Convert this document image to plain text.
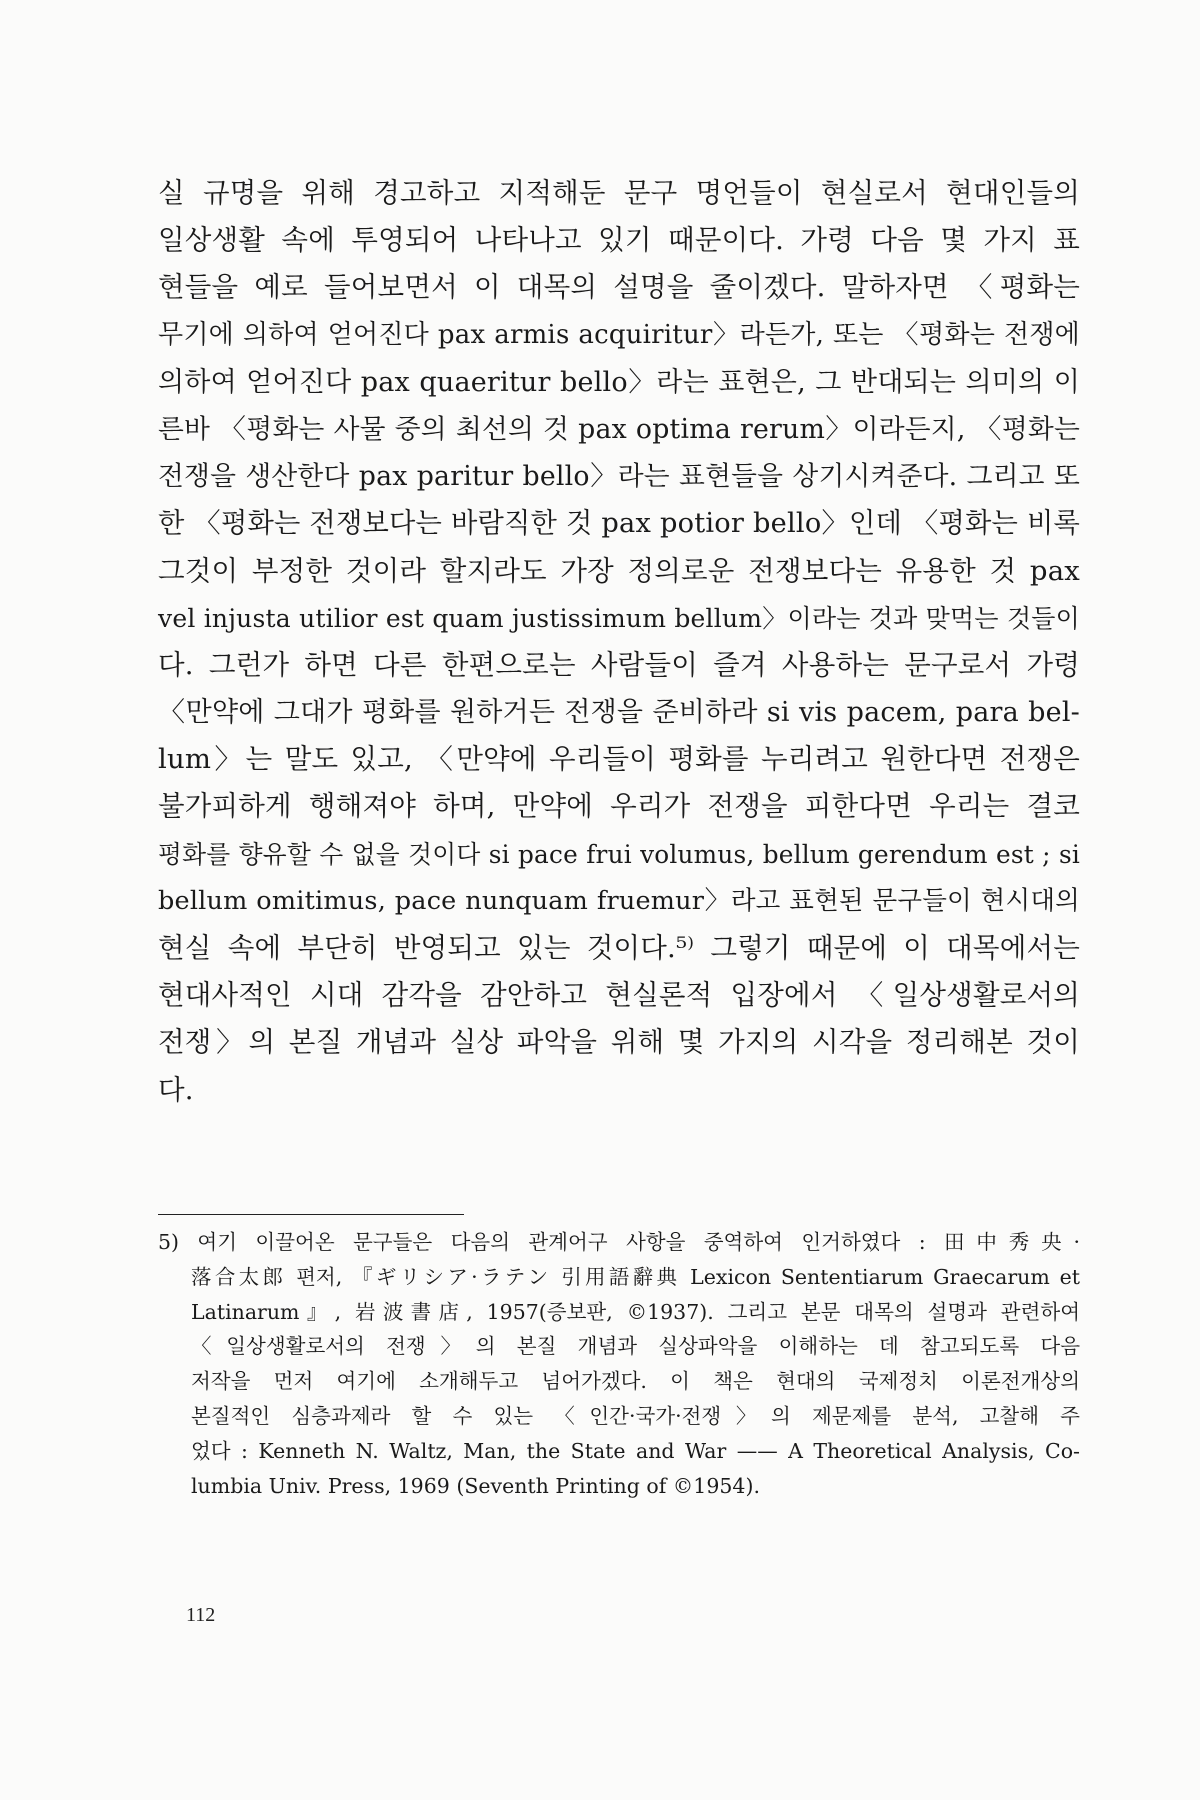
실 규명을 위해 경고하고 지적해둔 문구 명언들이 현실로서 현대인들의
일상생활 속에 투영되어 나타나고 있기 때문이다. 가령 다음 몇 가지 표
현들을 예로 들어보면서 이 대목의 설명을 줄이겠다. 말하자면 〈평화는
무기에 의하여 얻어진다 pax armis acquiritur〉라든가, 또는 〈평화는 전쟁에
의하여 얻어진다 pax quaeritur bello〉라는 표현은, 그 반대되는 의미의 이
른바 〈평화는 사물 중의 최선의 것 pax optima rerum〉이라든지, 〈평화는
전쟁을 생산한다 pax paritur bello〉라는 표현들을 상기시켜준다. 그리고 또
한 〈평화는 전쟁보다는 바람직한 것 pax potior bello〉인데 〈평화는 비록
그것이 부정한 것이라 할지라도 가장 정의로운 전쟁보다는 유용한 것 pax
vel injusta utilior est quam justissimum bellum〉이라는 것과 맞먹는 것들이
다. 그런가 하면 다른 한편으로는 사람들이 즐겨 사용하는 문구로서 가령
〈만약에 그대가 평화를 원하거든 전쟁을 준비하라 si vis pacem, para bel-
lum〉는 말도 있고, 〈만약에 우리들이 평화를 누리려고 원한다면 전쟁은
불가피하게 행해져야 하며, 만약에 우리가 전쟁을 피한다면 우리는 결코
평화를 향유할 수 없을 것이다 si pace frui volumus, bellum gerendum est ; si
bellum omitimus, pace nunquam fruemur〉라고 표현된 문구들이 현시대의
현실 속에 부단히 반영되고 있는 것이다.⁵⁾ 그렇기 때문에 이 대목에서는
현대사적인 시대 감각을 감안하고 현실론적 입장에서 〈일상생활로서의
전쟁〉의 본질 개념과 실상 파악을 위해 몇 가지의 시각을 정리해본 것이
다.
5) 여기 이끌어온 문구들은 다음의 관계어구 사항을 중역하여 인거하였다 : 田中秀央·
落合太郎 편저, 『ギリシア·ラテン 引用語辭典 Lexicon Sententiarum Graecarum et
Latinarum』, 岩波書店, 1957(증보판, ©1937). 그리고 본문 대목의 설명과 관련하여
〈일상생활로서의 전쟁〉의 본질 개념과 실상파악을 이해하는 데 참고되도록 다음
저작을 먼저 여기에 소개해두고 넘어가겠다. 이 책은 현대의 국제정치 이론전개상의
본질적인 심층과제라 할 수 있는 〈인간·국가·전쟁〉의 제문제를 분석, 고찰해 주
었다 : Kenneth N. Waltz, Man, the State and War —— A Theoretical Analysis, Co-
lumbia Univ. Press, 1969 (Seventh Printing of ©1954).
112
